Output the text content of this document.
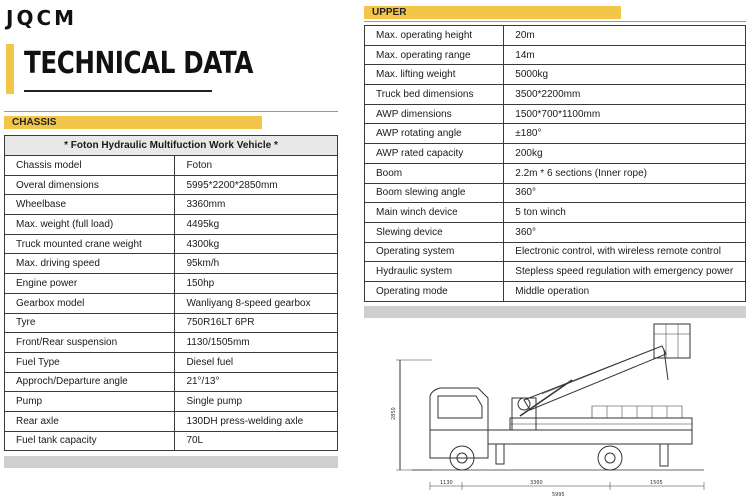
JQCM
TECHNICAL DATA
CHASSIS
* Foton Hydraulic Multifuction Work Vehicle *	
Chassis model	Foton
Overal dimensions	5995*2200*2850mm
Wheelbase	3360mm
Max. weight (full load)	4495kg
Truck mounted crane weight	4300kg
Max. driving speed	95km/h
Engine power	150hp
Gearbox model	Wanliyang 8-speed gearbox
Tyre	750R16LT 6PR
Front/Rear suspension	1130/1505mm
Fuel Type	Diesel fuel
Approch/Departure angle	21°/13°
Pump	Single pump
Rear axle	130DH press-welding axle
Fuel tank capacity	70L
UPPER
Max. operating height	20m
Max. operating range	14m
Max. lifting weight	5000kg
Truck bed dimensions	3500*2200mm
AWP dimensions	1500*700*1100mm
AWP rotating angle	±180°
AWP rated capacity	200kg
Boom	2.2m * 6 sections (Inner rope)
Boom slewing angle	360°
Main winch device	5 ton winch
Slewing device	360°
Operating system	Electronic control, with wireless remote control
Hydraulic system	Stepless speed regulation with emergency power
Operating mode	Middle operation
2850
1130	3360	1505
5995
